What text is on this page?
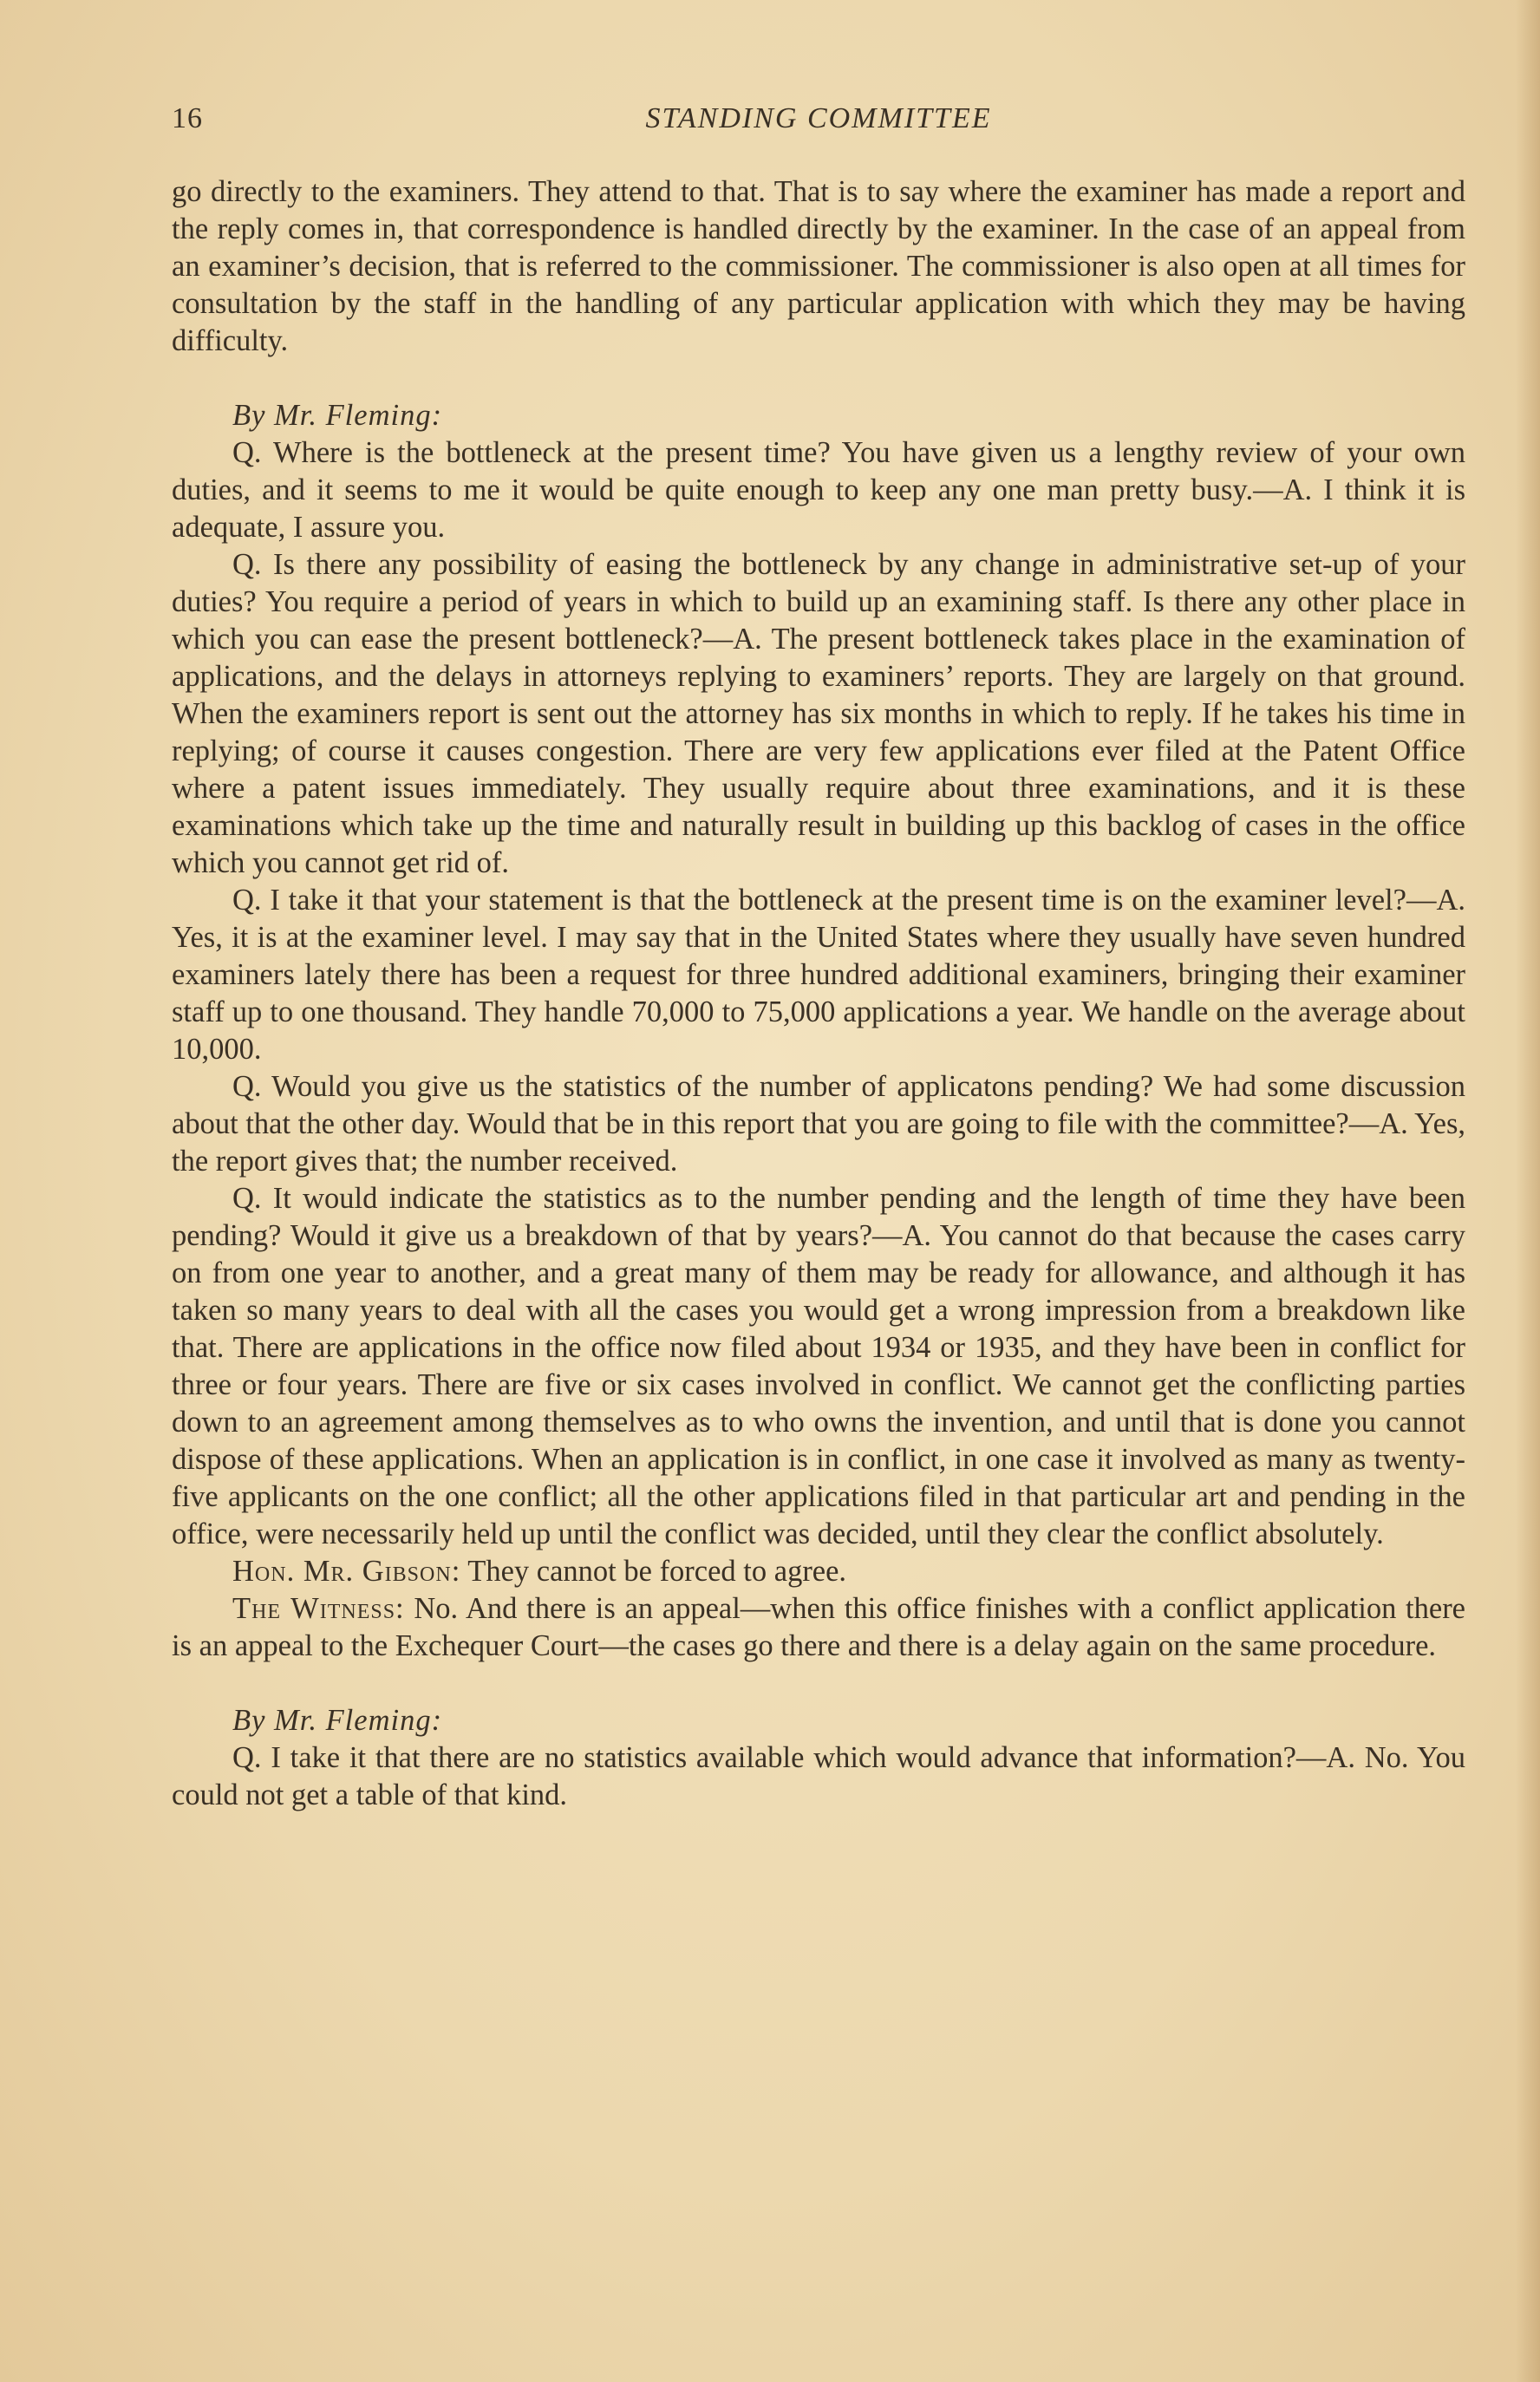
16	STANDING COMMITTEE

go directly to the examiners. They attend to that. That is to say where the examiner has made a report and the reply comes in, that correspondence is handled directly by the examiner. In the case of an appeal from an examiner’s decision, that is referred to the commissioner. The commissioner is also open at all times for consultation by the staff in the handling of any particular application with which they may be having difficulty.

By Mr. Fleming:

Q. Where is the bottleneck at the present time? You have given us a lengthy review of your own duties, and it seems to me it would be quite enough to keep any one man pretty busy.—A. I think it is adequate, I assure you.

Q. Is there any possibility of easing the bottleneck by any change in administrative set-up of your duties? You require a period of years in which to build up an examining staff. Is there any other place in which you can ease the present bottleneck?—A. The present bottleneck takes place in the examination of applications, and the delays in attorneys replying to examiners’ reports. They are largely on that ground. When the examiners report is sent out the attorney has six months in which to reply. If he takes his time in replying; of course it causes congestion. There are very few applications ever filed at the Patent Office where a patent issues immediately. They usually require about three examinations, and it is these examinations which take up the time and naturally result in building up this backlog of cases in the office which you cannot get rid of.

Q. I take it that your statement is that the bottleneck at the present time is on the examiner level?—A. Yes, it is at the examiner level. I may say that in the United States where they usually have seven hundred examiners lately there has been a request for three hundred additional examiners, bringing their examiner staff up to one thousand. They handle 70,000 to 75,000 applications a year. We handle on the average about 10,000.

Q. Would you give us the statistics of the number of applicatons pending? We had some discussion about that the other day. Would that be in this report that you are going to file with the committee?—A. Yes, the report gives that; the number received.

Q. It would indicate the statistics as to the number pending and the length of time they have been pending? Would it give us a breakdown of that by years?—A. You cannot do that because the cases carry on from one year to another, and a great many of them may be ready for allowance, and although it has taken so many years to deal with all the cases you would get a wrong impression from a breakdown like that. There are applications in the office now filed about 1934 or 1935, and they have been in conflict for three or four years. There are five or six cases involved in conflict. We cannot get the conflicting parties down to an agreement among themselves as to who owns the invention, and until that is done you cannot dispose of these applications. When an application is in conflict, in one case it involved as many as twenty-five applicants on the one conflict; all the other applications filed in that particular art and pending in the office, were necessarily held up until the conflict was decided, until they clear the conflict absolutely.

Hon. Mr. Gibson: They cannot be forced to agree.

The Witness: No. And there is an appeal—when this office finishes with a conflict application there is an appeal to the Exchequer Court—the cases go there and there is a delay again on the same procedure.

By Mr. Fleming:

Q. I take it that there are no statistics available which would advance that information?—A. No. You could not get a table of that kind.
